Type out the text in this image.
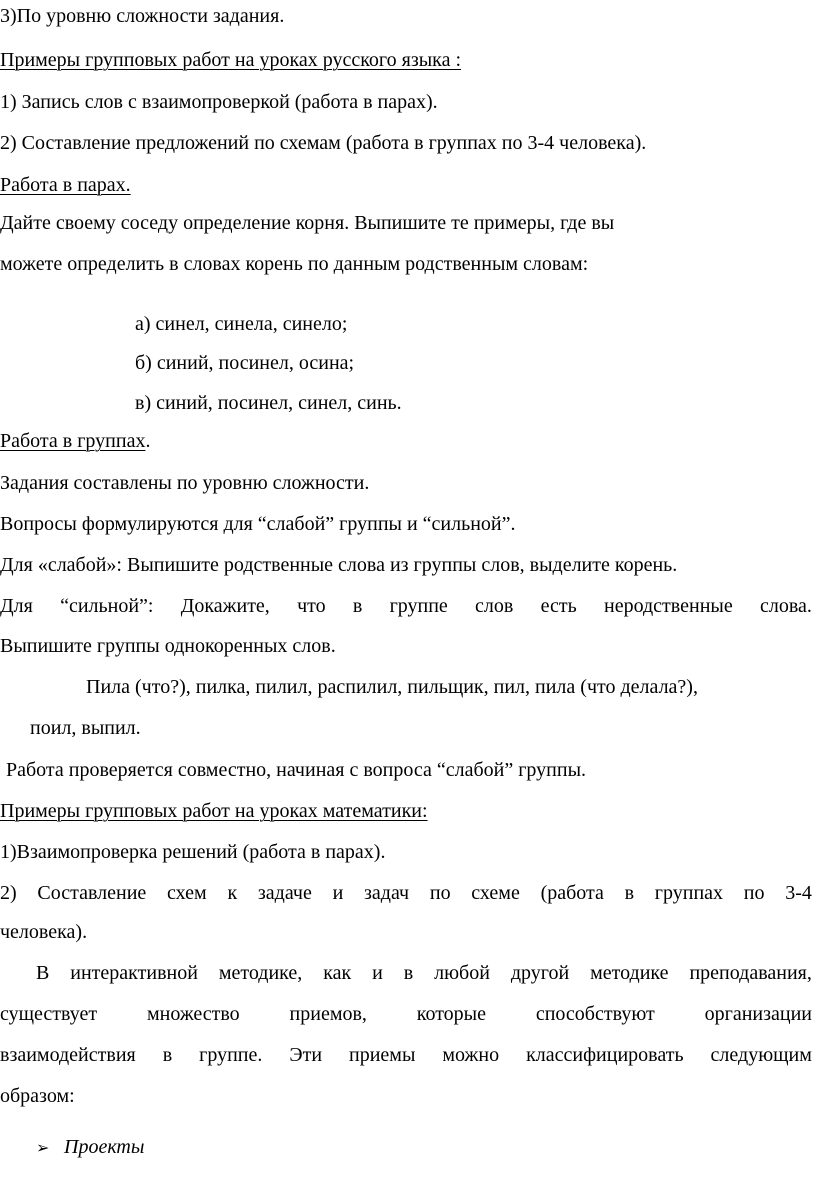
3)По уровню сложности задания.
Примеры групповых работ на уроках русского языка :
1) Запись слов с взаимопроверкой (работа в парах).
2) Составление предложений по схемам (работа в группах по 3-4 человека).
Работа в парах.
Дайте своему соседу определение корня. Выпишите те примеры, где вы
можете определить в словах корень по данным родственным словам:
а) синел, синела, синело;
б) синий, посинел, осина;
в) синий, посинел, синел, синь.
Работа в группах.
Задания составлены по уровню сложности.
Вопросы формулируются для “слабой” группы и “сильной”.
Для «слабой»: Выпишите родственные слова из группы слов, выделите корень.
Для “сильной”: Докажите, что в группе слов есть неродственные слова.
Выпишите группы однокоренных слов.
Пила (что?), пилка, пилил, распилил, пильщик, пил, пила (что делала?),
поил, выпил.
Работа проверяется совместно, начиная с вопроса “слабой” группы.
Примеры групповых работ на уроках математики:
1)Взаимопроверка решений (работа в парах).
2) Составление схем к задаче и задач по схеме (работа в группах по 3-4
человека).
В интерактивной методике, как и в любой другой методике преподавания,
существует множество приемов, которые способствуют организации
взаимодействия в группе. Эти приемы можно классифицировать следующим
образом:
➢ Проекты
